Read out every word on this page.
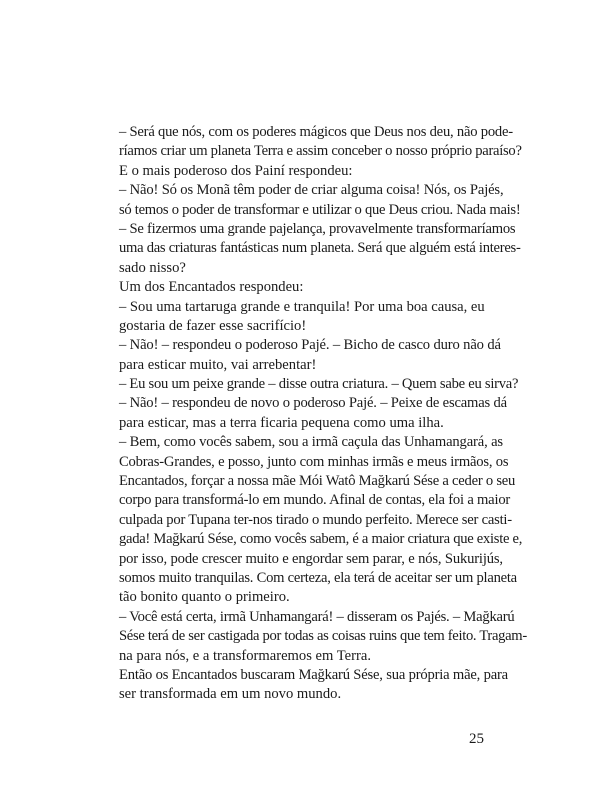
– Será que nós, com os poderes mágicos que Deus nos deu, não pode-
ríamos criar um planeta Terra e assim conceber o nosso próprio paraíso?
E o mais poderoso dos Painí respondeu:
– Não! Só os Monã têm poder de criar alguma coisa! Nós, os Pajés,
só temos o poder de transformar e utilizar o que Deus criou. Nada mais!
– Se fizermos uma grande pajelança, provavelmente transformaríamos
uma das criaturas fantásticas num planeta. Será que alguém está interes-
sado nisso?
Um dos Encantados respondeu:
– Sou uma tartaruga grande e tranquila! Por uma boa causa, eu
gostaria de fazer esse sacrifício!
– Não! – respondeu o poderoso Pajé. – Bicho de casco duro não dá
para esticar muito, vai arrebentar!
– Eu sou um peixe grande – disse outra criatura. – Quem sabe eu sirva?
– Não! – respondeu de novo o poderoso Pajé. – Peixe de escamas dá
para esticar, mas a terra ficaria pequena como uma ilha.
– Bem, como vocês sabem, sou a irmã caçula das Unhamangará, as
Cobras-Grandes, e posso, junto com minhas irmãs e meus irmãos, os
Encantados, forçar a nossa mãe Mói Watô Mağkarú Sése a ceder o seu
corpo para transformá-lo em mundo. Afinal de contas, ela foi a maior
culpada por Tupana ter-nos tirado o mundo perfeito. Merece ser casti-
gada! Mağkarú Sése, como vocês sabem, é a maior criatura que existe e,
por isso, pode crescer muito e engordar sem parar, e nós, Sukurijús,
somos muito tranquilas. Com certeza, ela terá de aceitar ser um planeta
tão bonito quanto o primeiro.
– Você está certa, irmã Unhamangará! – disseram os Pajés. – Mağkarú
Sése terá de ser castigada por todas as coisas ruins que tem feito. Tragam-
na para nós, e a transformaremos em Terra.
Então os Encantados buscaram Mağkarú Sése, sua própria mãe, para
ser transformada em um novo mundo.
25
